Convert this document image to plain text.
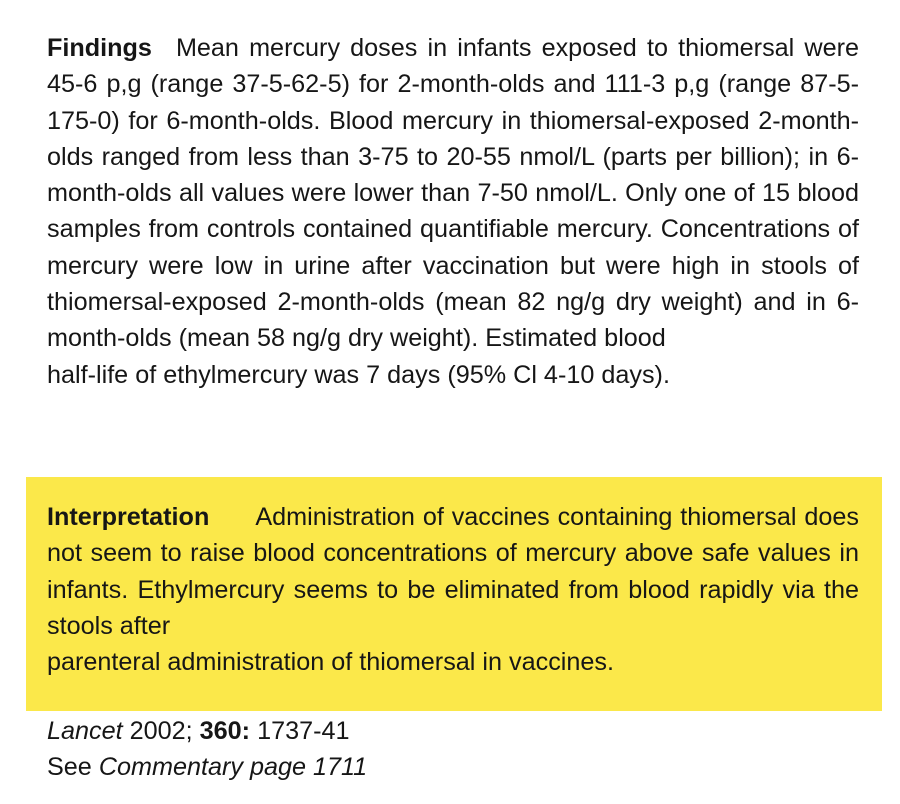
Findings Mean mercury doses in infants exposed to thiomersal were 45-6 p,g (range 37-5-62-5) for 2-month-olds and 111-3 p,g (range 87-5-175-0) for 6-month-olds. Blood mercury in thiomersal-exposed 2-month-olds ranged from less than 3-75 to 20-55 nmol/L (parts per billion); in 6-month-olds all values were lower than 7-50 nmol/L. Only one of 15 blood samples from controls contained quantifiable mercury. Concentrations of mercury were low in urine after vaccination but were high in stools of thiomersal-exposed 2-month-olds (mean 82 ng/g dry weight) and in 6-month-olds (mean 58 ng/g dry weight). Estimated blood
half-life of ethylmercury was 7 days (95% Cl 4-10 days).

Interpretation Administration of vaccines containing thiomersal does not seem to raise blood concentrations of mercury above safe values in infants. Ethylmercury seems to be eliminated from blood rapidly via the stools after
parenteral administration of thiomersal in vaccines.

Lancet 2002; 360: 1737-41
See Commentary page 1711
